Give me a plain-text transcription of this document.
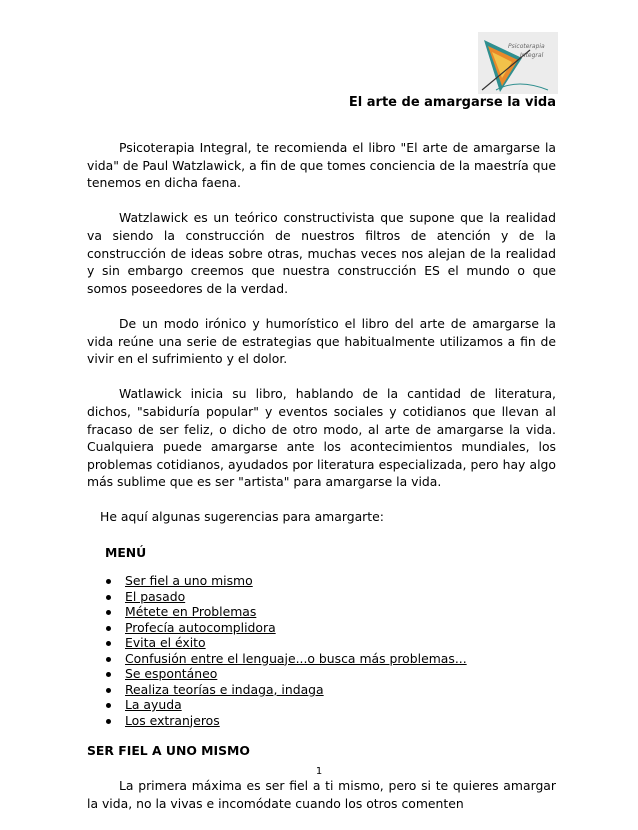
Psicoterapia
Integral
El arte de amargarse la vida

Psicoterapia Integral, te recomienda el libro "El arte de amargarse la vida" de Paul Watzlawick, a fin de que tomes conciencia de la maestría que tenemos en dicha faena.

Watzlawick es un teórico constructivista que supone que la realidad va siendo la construcción de nuestros filtros de atención y de la construcción de ideas sobre otras, muchas veces nos alejan de la realidad y sin embargo creemos que nuestra construcción ES el mundo o que somos poseedores de la verdad.

De un modo irónico y humorístico el libro del arte de amargarse la vida reúne una serie de estrategias que habitualmente utilizamos a fin de vivir en el sufrimiento y el dolor.

Watlawick inicia su libro, hablando de la cantidad de literatura, dichos, "sabiduría popular" y eventos sociales y cotidianos que llevan al fracaso de ser feliz, o dicho de otro modo, al arte de amargarse la vida. Cualquiera puede amargarse ante los acontecimientos mundiales, los problemas cotidianos, ayudados por literatura especializada, pero hay algo más sublime que es ser "artista" para amargarse la vida.

He aquí algunas sugerencias para amargarte:

MENÚ

Ser fiel a uno mismo
El pasado
Métete en Problemas
Profecía autocomplidora
Evita el éxito
Confusión entre el lenguaje...o busca más problemas...
Se espontáneo
Realiza teorías e indaga, indaga
La ayuda
Los extranjeros

SER FIEL A UNO MISMO

La primera máxima es ser fiel a ti mismo, pero si te quieres amargar la vida, no la vivas e incomódate cuando los otros comenten

1
